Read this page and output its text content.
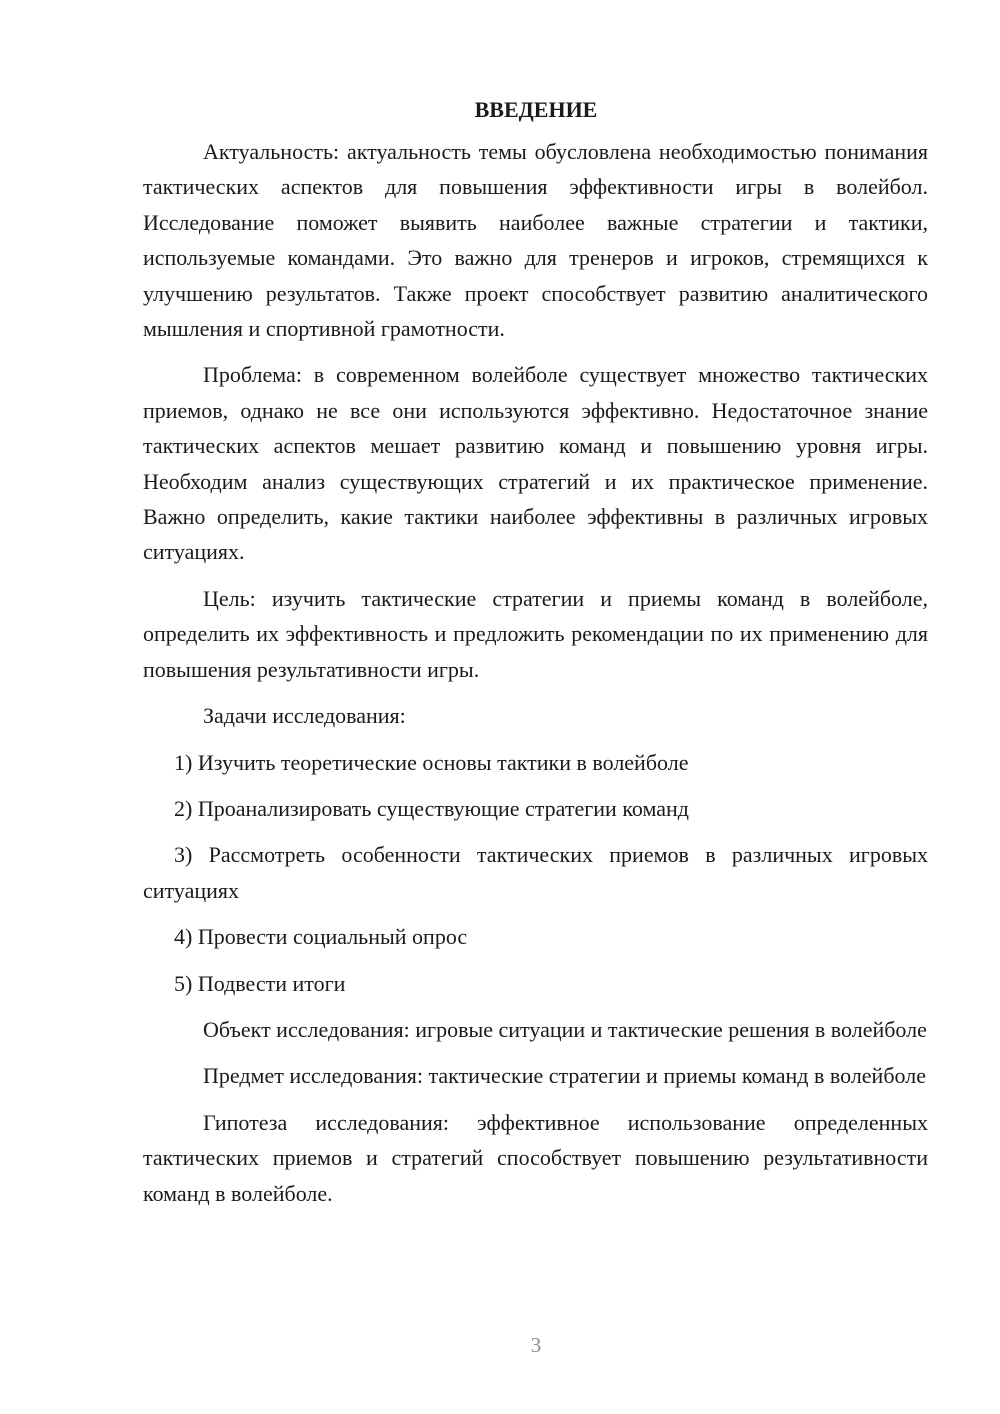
ВВЕДЕНИЕ

Актуальность: актуальность темы обусловлена необходимостью понимания тактических аспектов для повышения эффективности игры в волейбол. Исследование поможет выявить наиболее важные стратегии и тактики, используемые командами. Это важно для тренеров и игроков, стремящихся к улучшению результатов. Также проект способствует развитию аналитического мышления и спортивной грамотности.

Проблема: в современном волейболе существует множество тактических приемов, однако не все они используются эффективно. Недостаточное знание тактических аспектов мешает развитию команд и повышению уровня игры. Необходим анализ существующих стратегий и их практическое применение. Важно определить, какие тактики наиболее эффективны в различных игровых ситуациях.

Цель: изучить тактические стратегии и приемы команд в волейболе, определить их эффективность и предложить рекомендации по их применению для повышения результативности игры.

Задачи исследования:

1) Изучить теоретические основы тактики в волейболе

2) Проанализировать существующие стратегии команд

3) Рассмотреть особенности тактических приемов в различных игровых ситуациях

4) Провести социальный опрос

5) Подвести итоги

Объект исследования: игровые ситуации и тактические решения в волейболе

Предмет исследования: тактические стратегии и приемы команд в волейболе

Гипотеза исследования: эффективное использование определенных тактических приемов и стратегий способствует повышению результативности команд в волейболе.

3
